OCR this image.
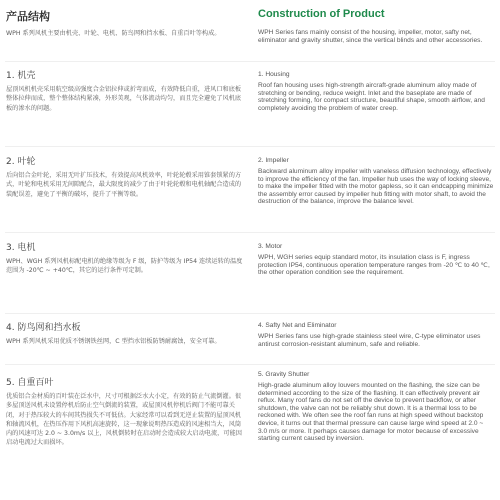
产品结构
WPH 系列风机主要由机壳、叶轮、电机、防鸟网和挡水板、自重百叶等构成。
1. 机壳
屋顶风机机壳采用航空级高强度合金铝拉伸或折弯而成，有效降低自重，进风口和底板整体拉伸而成，整个整体结构紧凑，外形美观，气体流动均匀，而且完全避免了风机底板的渗水的问题。
2. 叶轮
后向铝合金叶轮，采用无叶扩压技术，有效提高风机效率，叶轮轮毂采用锥套锁紧的方式，叶轮和电机采用无间隙配合，最大限度的减少了由于叶轮轮毂和电机轴配合造成的装配误差，避免了平衡的破坏，提升了平衡等级。
3. 电机
WPH、WGH 系列风机标配电机的绝缘等级为 F 级，防护等级为 IP54 连续运转的温度范围为 -20℃ ~ +40℃，其它的运行条件可定制。
4. 防鸟网和挡水板
WPH 系列风机采用优质不锈钢铁丝网，C 型挡水铝板防锈耐腐蚀，安全可靠。
5. 自重百叶
优质铝合金材质的百叶装在泛水中，尺寸可根据泛水大小定，有效的防止气流倒灌。很多屋顶送风机未设置停机后防止空气倒流的装置，或屋顶风机停机后阀门不能可靠关闭，对于热压较大的车间其热损失不可低估。大家经常可以看到无逆止装置的屋顶风机和轴流风机，在热压作用下风机高速旋转，这一现象说明热压造成的风速相当大，风筒内的风速可达 2.0 ~ 3.0m/s 以上，风机倒转时在启动时会造成较大启动电流，可能因启动电流过大而损坏。
Construction of Product
WPH Series fans mainly consist of the housing, impeller, motor, safty net, eliminator and gravity shutter, since the vertical blinds and other accessories.
1. Housing
Roof fan housing uses high-strength aircraft-grade aluminum alloy made of stretching or bending, reduce weight. Inlet and the baseplate are made of stretching forming, for compact structure, beautiful shape, smooth airflow, and completely avoiding the problem of water creep.
2. Impeller
Backward aluminum alloy impeller with vaneless diffusion technology, effectively to improve the efficiency of the fan. Impeller hub uses the way of locking sleeve, to make the impeller fitted with the motor gapless, so it can endcapping minimize the assembly error caused by impeller hub fitting with motor shaft, to avoid the destruction of the balance, improve the balance level.
3. Motor
WPH, WGH series equip standard motor, its insulation class is F, ingress protection IP54, continuous operation temperature ranges from -20 ℃ to 40 ℃, the other operation condition see the requirement.
4. Safty Net and Eliminator
WPH Series fans use high-grade stainless steel wire, C-type eliminator uses antirust corrosion-resistant aluminum, safe and reliable.
5. Gravity Shutter
High-grade aluminum alloy louvers mounted on the flashing, the size can be determined according to the size of the flashing. It can effectively prevent air reflux. Many roof fans do not set off the device to prevent backflow, or after shutdown, the valve can not be reliably shut down. It is a thermal loss to be reckoned with. We often see the roof fan runs at high speed without backstop device, it turns out that thermal pressure can cause large wind speed at 2.0 ~ 3.0 m/s or more. It perhaps causes damage for motor because of excessive starting current caused by inversion.
